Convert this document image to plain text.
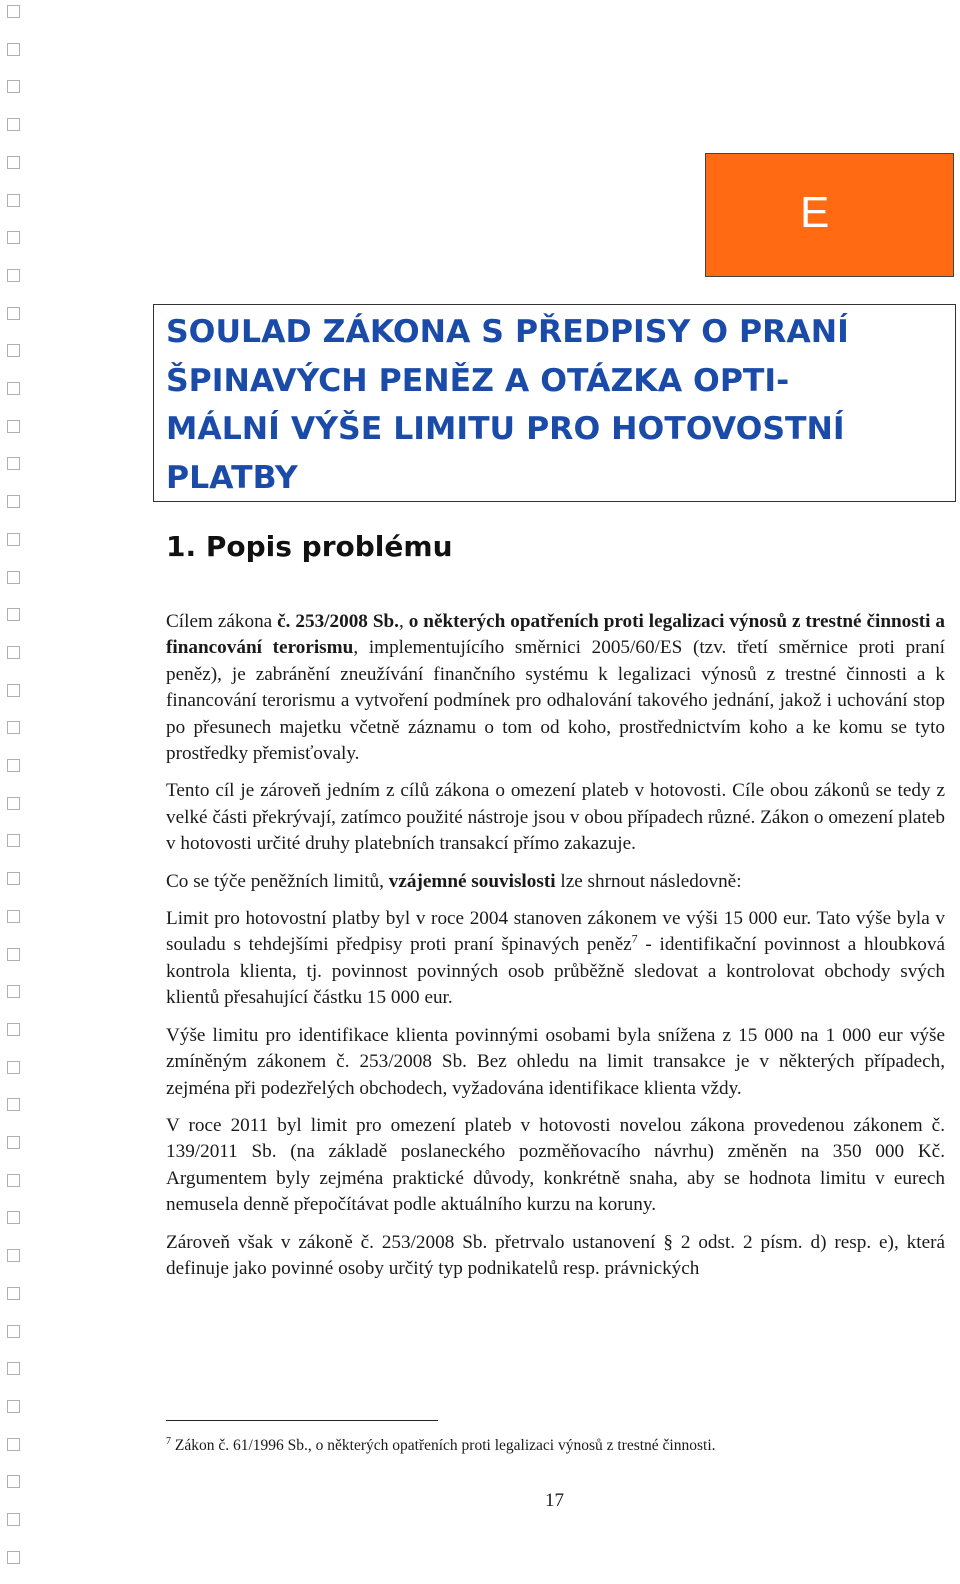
E
SOULAD ZÁKONA S PŘEDPISY O PRANÍ
ŠPINAVÝCH PENĚZ A OTÁZKA OPTI-
MÁLNÍ VÝŠE LIMITU PRO HOTOVOSTNÍ
PLATBY
1. Popis problému

Cílem zákona č. 253/2008 Sb., o některých opatřeních proti legalizaci výnosů z trestné činnosti a financování terorismu, implementujícího směrnici 2005/60/ES (tzv. třetí směrnice proti praní peněz), je zabránění zneužívání finančního systému k legalizaci výnosů z trestné činnosti a k financování terorismu a vytvoření podmínek pro odhalování takového jednání, jakož i uchování stop po přesunech majetku včetně záznamu o tom od koho, prostřednictvím koho a ke komu se tyto prostředky přemisťovaly.

Tento cíl je zároveň jedním z cílů zákona o omezení plateb v hotovosti. Cíle obou zákonů se tedy z velké části překrývají, zatímco použité nástroje jsou v obou případech různé. Zákon o omezení plateb v hotovosti určité druhy platebních transakcí přímo zakazuje.

Co se týče peněžních limitů, vzájemné souvislosti lze shrnout následovně:

Limit pro hotovostní platby byl v roce 2004 stanoven zákonem ve výši 15 000 eur. Tato výše byla v souladu s tehdejšími předpisy proti praní špinavých peněz$^7$ - identifikační povinnost a hloubková kontrola klienta, tj. povinnost povinných osob průběžně sledovat a kontrolovat obchody svých klientů přesahující částku 15 000 eur.

Výše limitu pro identifikace klienta povinnými osobami byla snížena z 15 000 na 1 000 eur výše zmíněným zákonem č. 253/2008 Sb. Bez ohledu na limit transakce je v některých případech, zejména při podezřelých obchodech, vyžadována identifikace klienta vždy.

V roce 2011 byl limit pro omezení plateb v hotovosti novelou zákona provedenou zákonem č. 139/2011 Sb. (na základě poslaneckého pozměňovacího návrhu) změněn na 350 000 Kč. Argumentem byly zejména praktické důvody, konkrétně snaha, aby se hodnota limitu v eurech nemusela denně přepočítávat podle aktuálního kurzu na koruny.

Zároveň však v zákoně č. 253/2008 Sb. přetrvalo ustanovení § 2 odst. 2 písm. d) resp. e), která definuje jako povinné osoby určitý typ podnikatelů resp. právnických

$^7$ Zákon č. 61/1996 Sb., o některých opatřeních proti legalizaci výnosů z trestné činnosti.
17
